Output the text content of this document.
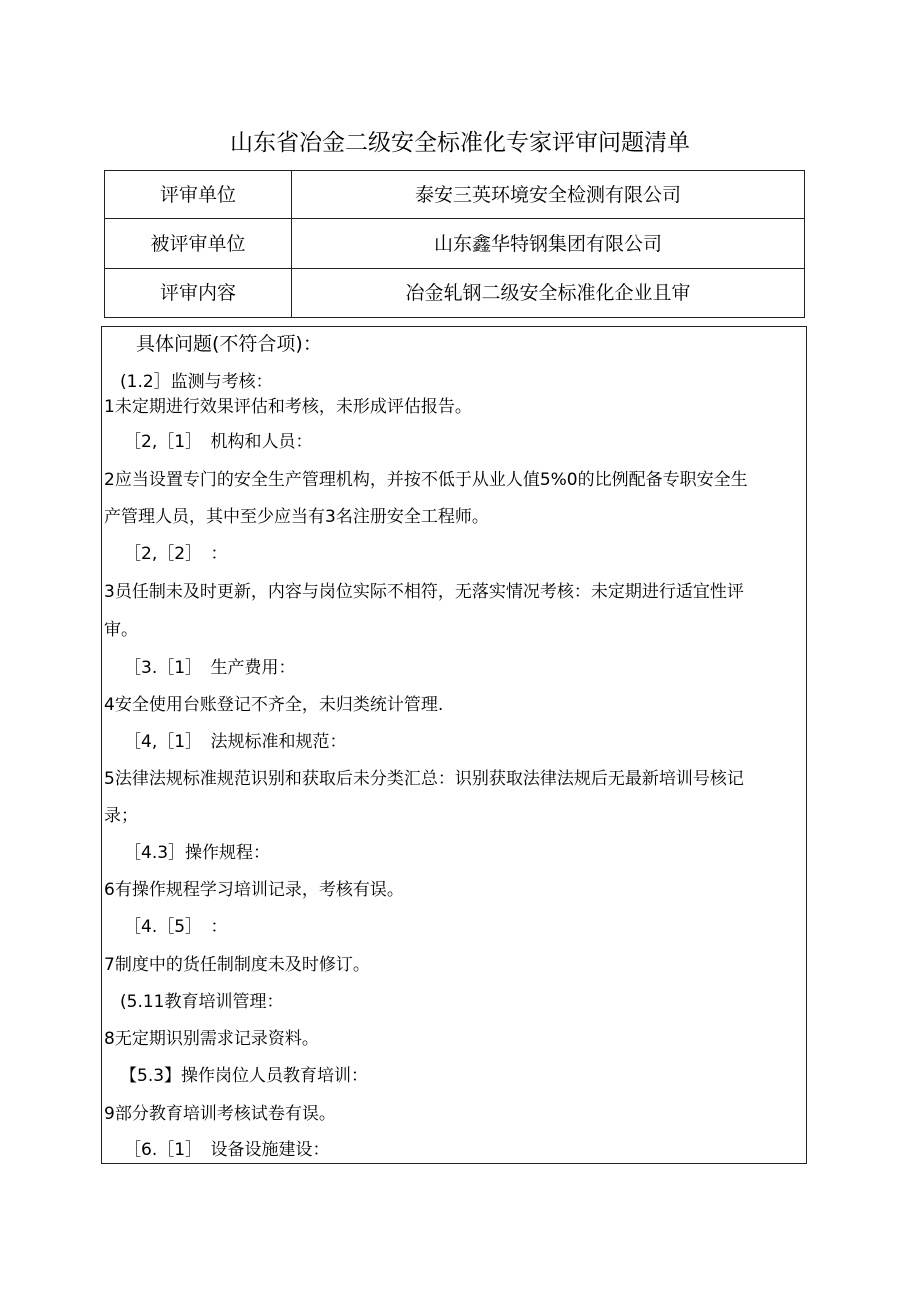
山东省冶金二级安全标准化专家评审问题清单
评审单位	泰安三英环境安全检测有限公司
被评审单位	山东鑫华特钢集团有限公司
评审内容	冶金轧钢二级安全标准化企业且审
具体问题(不符合项)：
(1.2］监测与考核：
1未定期进行效果评估和考核，未形成评估报告。
［2,［1］　机构和人员：
2应当设置专门的安全生产管理机构，并按不低于从业人值5%0的比例配备专职安全生
产管理人员，其中至少应当有3名注册安全工程师。
［2,［2］　：
3员任制未及时更新，内容与岗位实际不相符，无落实情况考核：未定期进行适宜性评
审。
［3.［1］　生产费用：
4安全使用台账登记不齐全，未归类统计管理.
［4,［1］　法规标准和规范：
5法律法规标准规范识别和获取后未分类汇总：识别获取法律法规后无最新培训号核记
录；
［4.3］操作规程：
6有操作规程学习培训记录，考核有误。
［4.［5］　：
7制度中的货任制制度未及时修订。
(5.11教育培训管理：
8无定期识别需求记录资料。
【5.3】操作岗位人员教育培训：
9部分教育培训考核试卷有误。
［6.［1］　设备设施建设：
